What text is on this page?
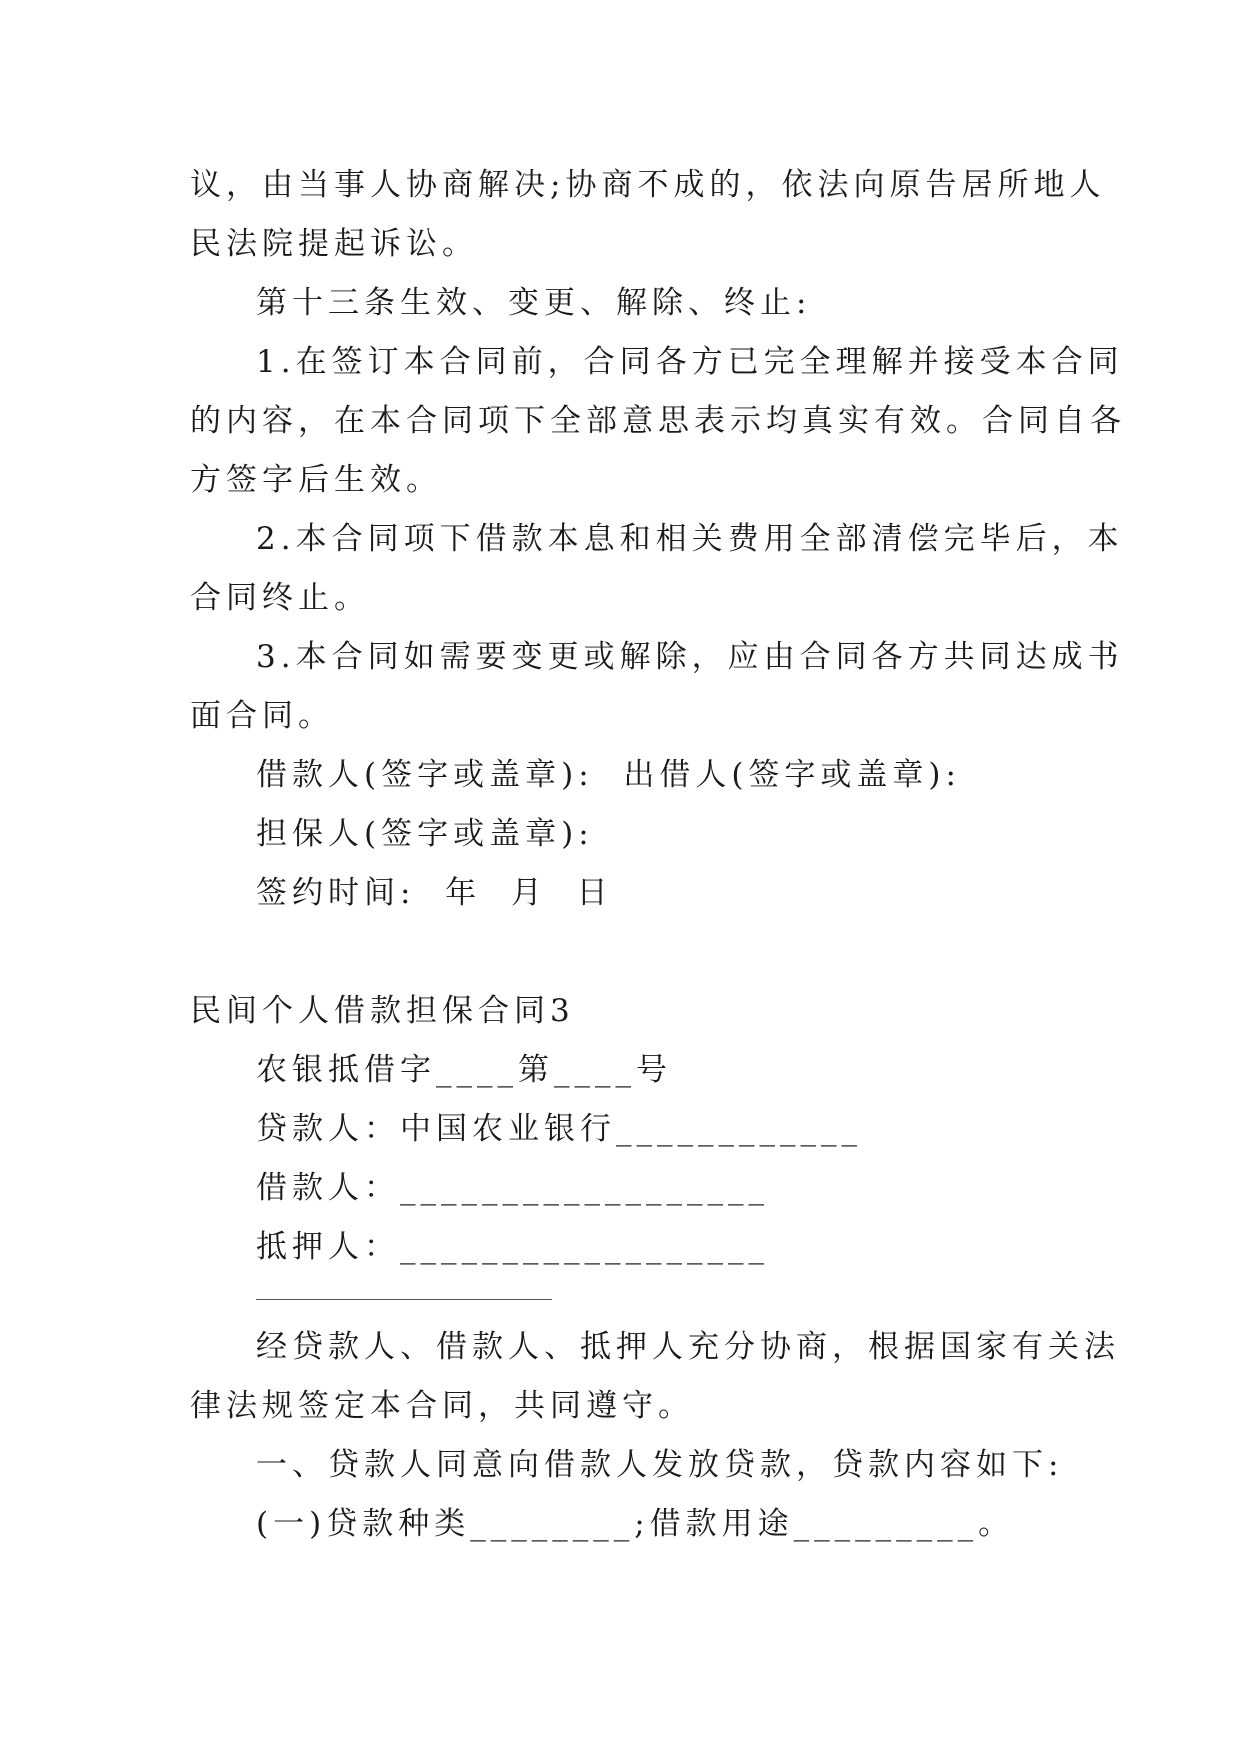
议，由当事人协商解决;协商不成的，依法向原告居所地人
民法院提起诉讼。
第十三条生效、变更、解除、终止:
1.在签订本合同前，合同各方已完全理解并接受本合同
的内容，在本合同项下全部意思表示均真实有效。合同自各
方签字后生效。
2.本合同项下借款本息和相关费用全部清偿完毕后，本
合同终止。
3.本合同如需要变更或解除，应由合同各方共同达成书
面合同。
借款人(签字或盖章):  出借人(签字或盖章):
担保人(签字或盖章):
签约时间:  年  月  日
民间个人借款担保合同3
农银抵借字____第____号
贷款人：中国农业银行____________
借款人：__________________
抵押人：__________________
经贷款人、借款人、抵押人充分协商，根据国家有关法
律法规签定本合同，共同遵守。
一、贷款人同意向借款人发放贷款，贷款内容如下:
(一)贷款种类________;借款用途_________。
